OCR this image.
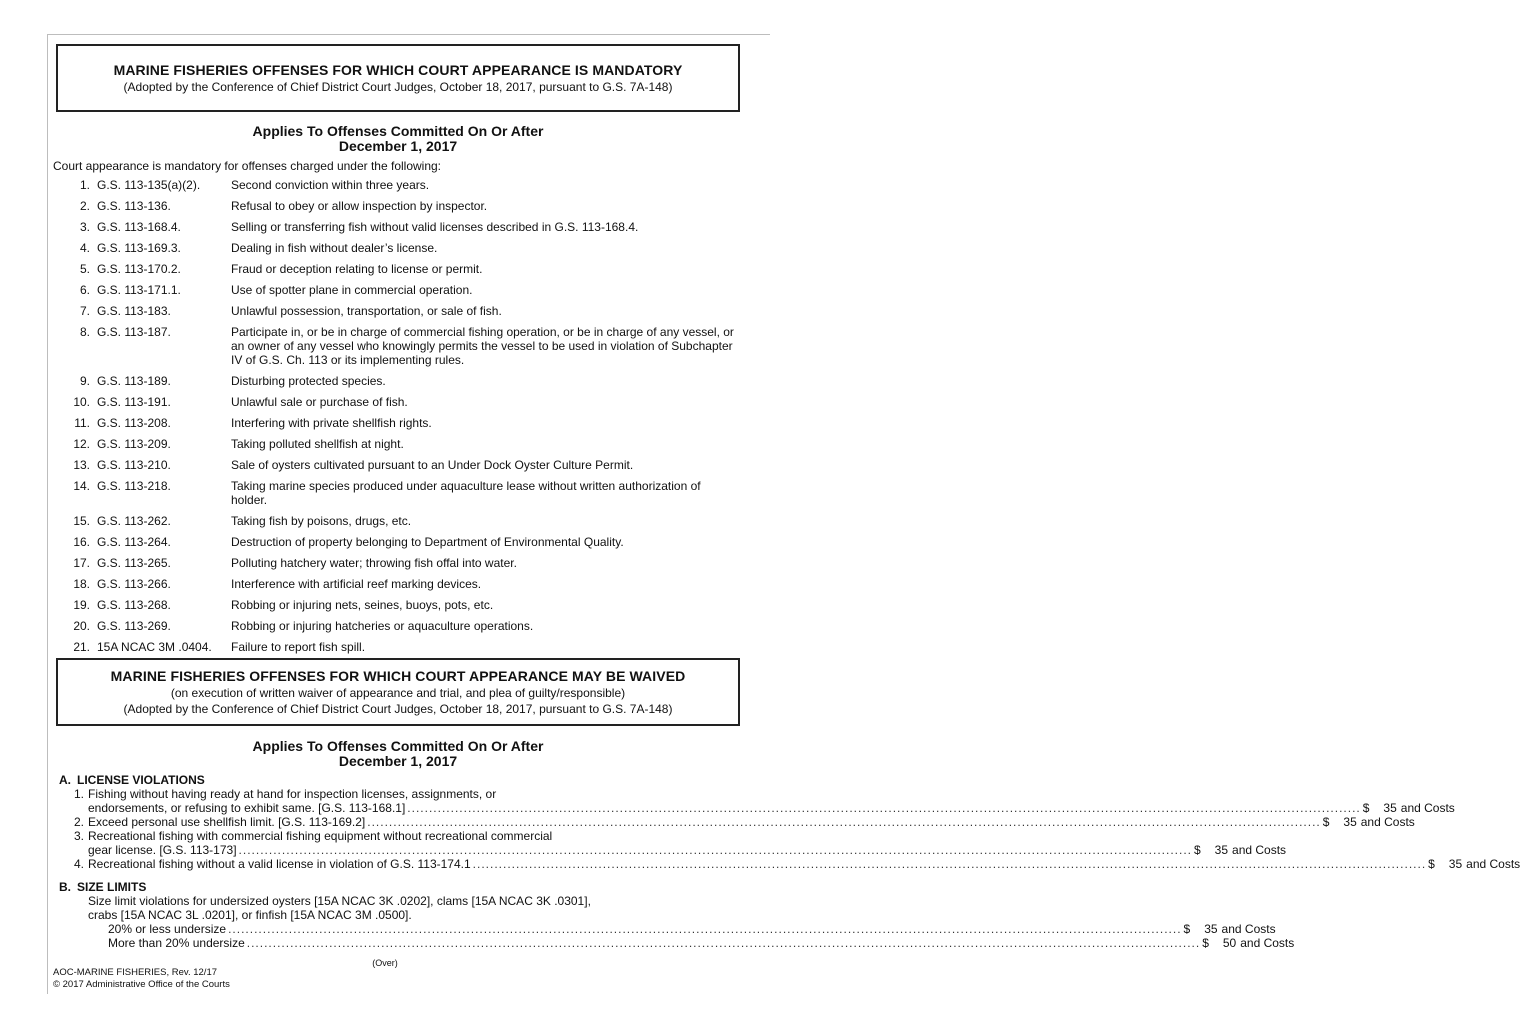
MARINE FISHERIES OFFENSES FOR WHICH COURT APPEARANCE IS MANDATORY
(Adopted by the Conference of Chief District Court Judges, October 18, 2017, pursuant to G.S. 7A-148)
Applies To Offenses Committed On Or After
December 1, 2017
Court appearance is mandatory for offenses charged under the following:
1. G.S. 113-135(a)(2).	Second conviction within three years.
2. G.S. 113-136.	Refusal to obey or allow inspection by inspector.
3. G.S. 113-168.4.	Selling or transferring fish without valid licenses described in G.S. 113-168.4.
4. G.S. 113-169.3.	Dealing in fish without dealer’s license.
5. G.S. 113-170.2.	Fraud or deception relating to license or permit.
6. G.S. 113-171.1.	Use of spotter plane in commercial operation.
7. G.S. 113-183.	Unlawful possession, transportation, or sale of fish.
8. G.S. 113-187.	Participate in, or be in charge of commercial fishing operation, or be in charge of any vessel, or an owner of any vessel who knowingly permits the vessel to be used in violation of Subchapter IV of G.S. Ch. 113 or its implementing rules.
9. G.S. 113-189.	Disturbing protected species.
10. G.S. 113-191.	Unlawful sale or purchase of fish.
11. G.S. 113-208.	Interfering with private shellfish rights.
12. G.S. 113-209.	Taking polluted shellfish at night.
13. G.S. 113-210.	Sale of oysters cultivated pursuant to an Under Dock Oyster Culture Permit.
14. G.S. 113-218.	Taking marine species produced under aquaculture lease without written authorization of holder.
15. G.S. 113-262.	Taking fish by poisons, drugs, etc.
16. G.S. 113-264.	Destruction of property belonging to Department of Environmental Quality.
17. G.S. 113-265.	Polluting hatchery water; throwing fish offal into water.
18. G.S. 113-266.	Interference with artificial reef marking devices.
19. G.S. 113-268.	Robbing or injuring nets, seines, buoys, pots, etc.
20. G.S. 113-269.	Robbing or injuring hatcheries or aquaculture operations.
21. 15A NCAC 3M .0404.	Failure to report fish spill.
MARINE FISHERIES OFFENSES FOR WHICH COURT APPEARANCE MAY BE WAIVED
(on execution of written waiver of appearance and trial, and plea of guilty/responsible)
(Adopted by the Conference of Chief District Court Judges, October 18, 2017, pursuant to G.S. 7A-148)
Applies To Offenses Committed On Or After
December 1, 2017
A. LICENSE VIOLATIONS
1. Fishing without having ready at hand for inspection licenses, assignments, or
endorsements, or refusing to exhibit same. [G.S. 113-168.1] ............................................................................................................................................................................................................................ $ 35 and Costs
2. Exceed personal use shellfish limit. [G.S. 113-169.2] ............................................................................................................................................................................................................................ $ 35 and Costs
3. Recreational fishing with commercial fishing equipment without recreational commercial
gear license. [G.S. 113-173] ............................................................................................................................................................................................................................ $ 35 and Costs
4. Recreational fishing without a valid license in violation of G.S. 113-174.1 ............................................................................................................................................................................................................................ $ 35 and Costs
B. SIZE LIMITS
Size limit violations for undersized oysters [15A NCAC 3K .0202], clams [15A NCAC 3K .0301],
crabs [15A NCAC 3L .0201], or finfish [15A NCAC 3M .0500].
20% or less undersize ............................................................................................................................................................................................................................ $ 35 and Costs
More than 20% undersize ............................................................................................................................................................................................................................ $ 50 and Costs
(Over)
AOC-MARINE FISHERIES, Rev. 12/17
© 2017 Administrative Office of the Courts
